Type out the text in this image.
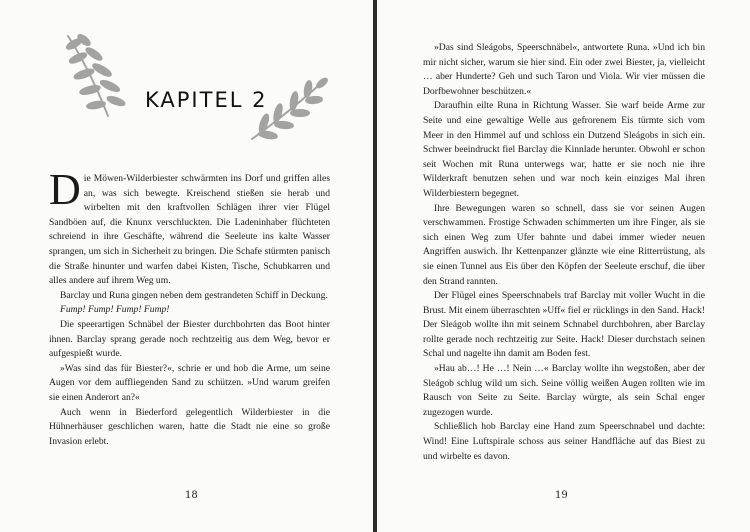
KAPITEL 2

Die Möwen-Wilderbiester schwärmten ins Dorf und griffen alles an, was sich bewegte. Kreischend stießen sie herab und wirbelten mit den kraftvollen Schlägen ihrer vier Flügel Sandböen auf, die Knunx verschluckten. Die Ladeninhaber flüchteten schreiend in ihre Geschäfte, während die Seeleute ins kalte Wasser sprangen, um sich in Sicherheit zu bringen. Die Schafe stürmten panisch die Straße hinunter und warfen dabei Kisten, Tische, Schubkarren und alles andere auf ihrem Weg um.

Barclay und Runa gingen neben dem gestrandeten Schiff in Deckung.

Fump! Fump! Fump! Fump!

Die speerartigen Schnäbel der Biester durchbohrten das Boot hinter ihnen. Barclay sprang gerade noch rechtzeitig aus dem Weg, bevor er aufgespießt wurde.

»Was sind das für Biester?«, schrie er und hob die Arme, um seine Augen vor dem auffliegenden Sand zu schützen. »Und warum greifen sie einen Anderort an?«

Auch wenn in Biederford gelegentlich Wilderbiester in die Hühnerhäuser geschlichen waren, hatte die Stadt nie eine so große Invasion erlebt.

18

»Das sind Sleágobs, Speerschnäbel«, antwortete Runa. »Und ich bin mir nicht sicher, warum sie hier sind. Ein oder zwei Biester, ja, vielleicht … aber Hunderte? Geh und such Taron und Viola. Wir vier müssen die Dorfbewohner beschützen.«

Daraufhin eilte Runa in Richtung Wasser. Sie warf beide Arme zur Seite und eine gewaltige Welle aus gefrorenem Eis türmte sich vom Meer in den Himmel auf und schloss ein Dutzend Sleágobs in sich ein. Schwer beeindruckt fiel Barclay die Kinnlade herunter. Obwohl er schon seit Wochen mit Runa unterwegs war, hatte er sie noch nie ihre Wilderkraft benutzen sehen und war noch kein einziges Mal ihren Wilderbiestern begegnet.

Ihre Bewegungen waren so schnell, dass sie vor seinen Augen verschwammen. Frostige Schwaden schimmerten um ihre Finger, als sie sich einen Weg zum Ufer bahnte und dabei immer wieder neuen Angriffen auswich. Ihr Kettenpanzer glänzte wie eine Ritterrüstung, als sie einen Tunnel aus Eis über den Köpfen der Seeleute erschuf, die über den Strand rannten.

Der Flügel eines Speerschnabels traf Barclay mit voller Wucht in die Brust. Mit einem überraschten »Uff« fiel er rücklings in den Sand. Hack! Der Sleágob wollte ihn mit seinem Schnabel durchbohren, aber Barclay rollte gerade noch rechtzeitig zur Seite. Hack! Dieser durchstach seinen Schal und nagelte ihn damit am Boden fest.

»Hau ab…! He …! Nein …« Barclay wollte ihn wegstoßen, aber der Sleágob schlug wild um sich. Seine völlig weißen Augen rollten wie im Rausch von Seite zu Seite. Barclay würgte, als sein Schal enger zugezogen wurde.

Schließlich hob Barclay eine Hand zum Speerschnabel und dachte: Wind! Eine Luftspirale schoss aus seiner Handfläche auf das Biest zu und wirbelte es davon.

19
